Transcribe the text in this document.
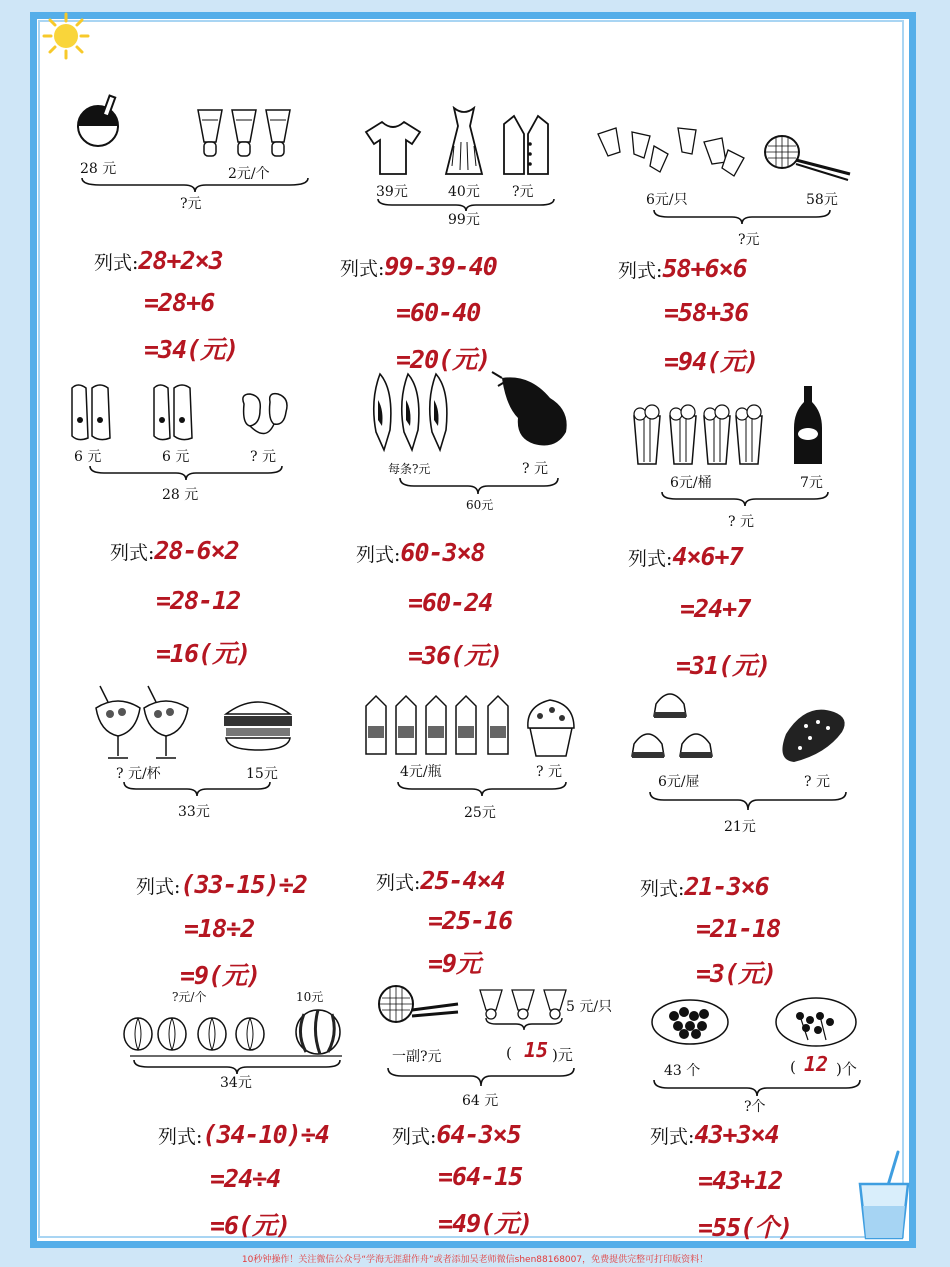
28 元	2元/个
?元
39元	40元 ?元
99元
6元/只	58元
?元
列式:28+2×3
=28+6
=34(元)
列式:99-39-40
=60-40
=20(元)
列式:58+6×6
=58+36
=94(元)
6 元	6 元	? 元
28 元
每条?元	? 元
60元
6元/桶	7元
? 元
列式:28-6×2
=28-12
=16(元)
列式:60-3×8
=60-24
=36(元)
列式:4×6+7
=24+7
=31(元)
? 元/杯	15元
33元
4元/瓶	? 元
25元
6元/屉	? 元
21元
列式:(33-15)÷2
=18÷2
=9(元)
列式:25-4×4
=25-16
=9元
列式:21-3×6
=21-18
=3(元)
?元/个	10元
34元
5 元/只
一副?元	( 15 )元
64 元
43 个	( 12 )个
?个
列式:(34-10)÷4
=24÷4
=6(元)
列式:64-3×5
=64-15
=49(元)
列式:43+3×4
=43+12
=55(个)
10秒钟操作！关注微信公众号“学海无涯甜作舟”或者添加吴老师微信shen88168007，免费提供完整可打印版资料！
